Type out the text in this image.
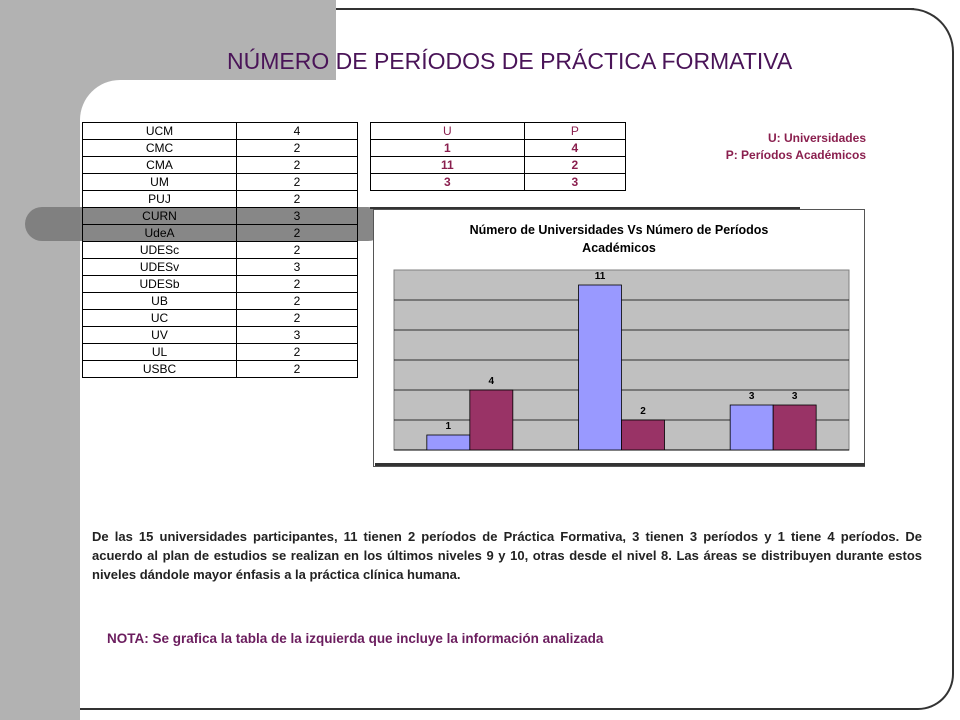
NÚMERO DE PERÍODOS DE PRÁCTICA FORMATIVA
UCM	4
CMC	2
CMA	2
UM	2
PUJ	2
CURN	3
UdeA	2
UDESc	2
UDESv	3
UDESb	2
UB	2
UC	2
UV	3
UL	2
USBC	2
U	P
1	4
11	2
3	3
U: Universidades
P: Períodos Académicos
Número de Universidades Vs Número de Períodos
Académicos
1
4
11
2
3	3
De las 15 universidades participantes, 11 tienen 2 períodos de Práctica Formativa, 3 tienen 3 períodos y 1 tiene 4 períodos. De acuerdo al plan de estudios se realizan en los últimos niveles 9 y 10, otras desde el nivel 8. Las áreas se distribuyen durante estos niveles dándole mayor énfasis a la práctica clínica humana.
NOTA: Se grafica la tabla de la izquierda que incluye la información analizada
